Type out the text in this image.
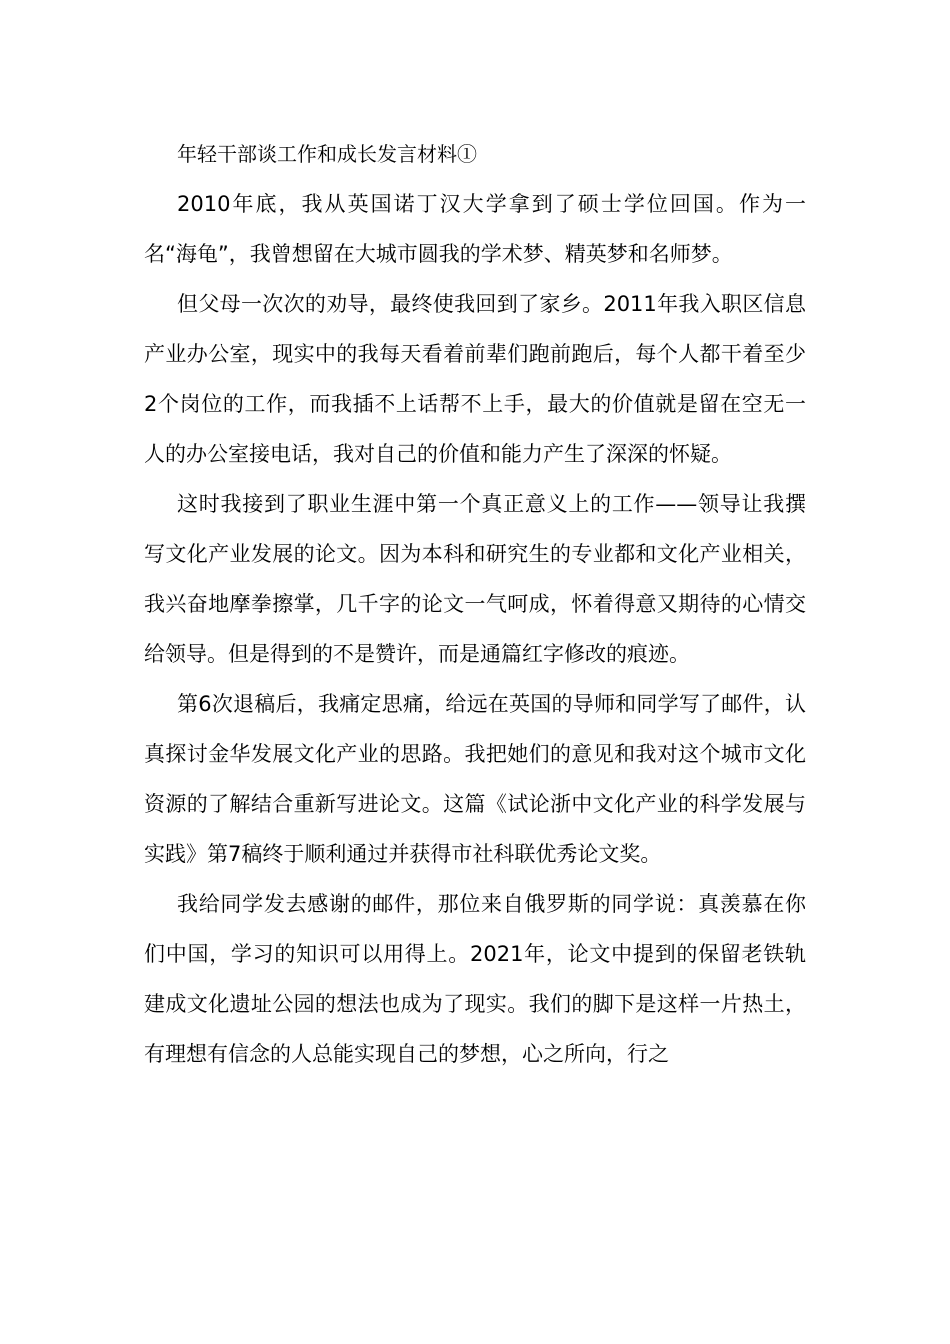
年轻干部谈工作和成长发言材料①

2010年底，我从英国诺丁汉大学拿到了硕士学位回国。作为一名“海龟”，我曾想留在大城市圆我的学术梦、精英梦和名师梦。

但父母一次次的劝导，最终使我回到了家乡。2011年我入职区信息产业办公室，现实中的我每天看着前辈们跑前跑后，每个人都干着至少2个岗位的工作，而我插不上话帮不上手，最大的价值就是留在空无一人的办公室接电话，我对自己的价值和能力产生了深深的怀疑。

这时我接到了职业生涯中第一个真正意义上的工作——领导让我撰写文化产业发展的论文。因为本科和研究生的专业都和文化产业相关，我兴奋地摩拳擦掌，几千字的论文一气呵成，怀着得意又期待的心情交给领导。但是得到的不是赞许，而是通篇红字修改的痕迹。

第6次退稿后，我痛定思痛，给远在英国的导师和同学写了邮件，认真探讨金华发展文化产业的思路。我把她们的意见和我对这个城市文化资源的了解结合重新写进论文。这篇《试论浙中文化产业的科学发展与实践》第7稿终于顺利通过并获得市社科联优秀论文奖。

我给同学发去感谢的邮件，那位来自俄罗斯的同学说：真羡慕在你们中国，学习的知识可以用得上。2021年，论文中提到的保留老铁轨建成文化遗址公园的想法也成为了现实。我们的脚下是这样一片热土，有理想有信念的人总能实现自己的梦想，心之所向，行之
